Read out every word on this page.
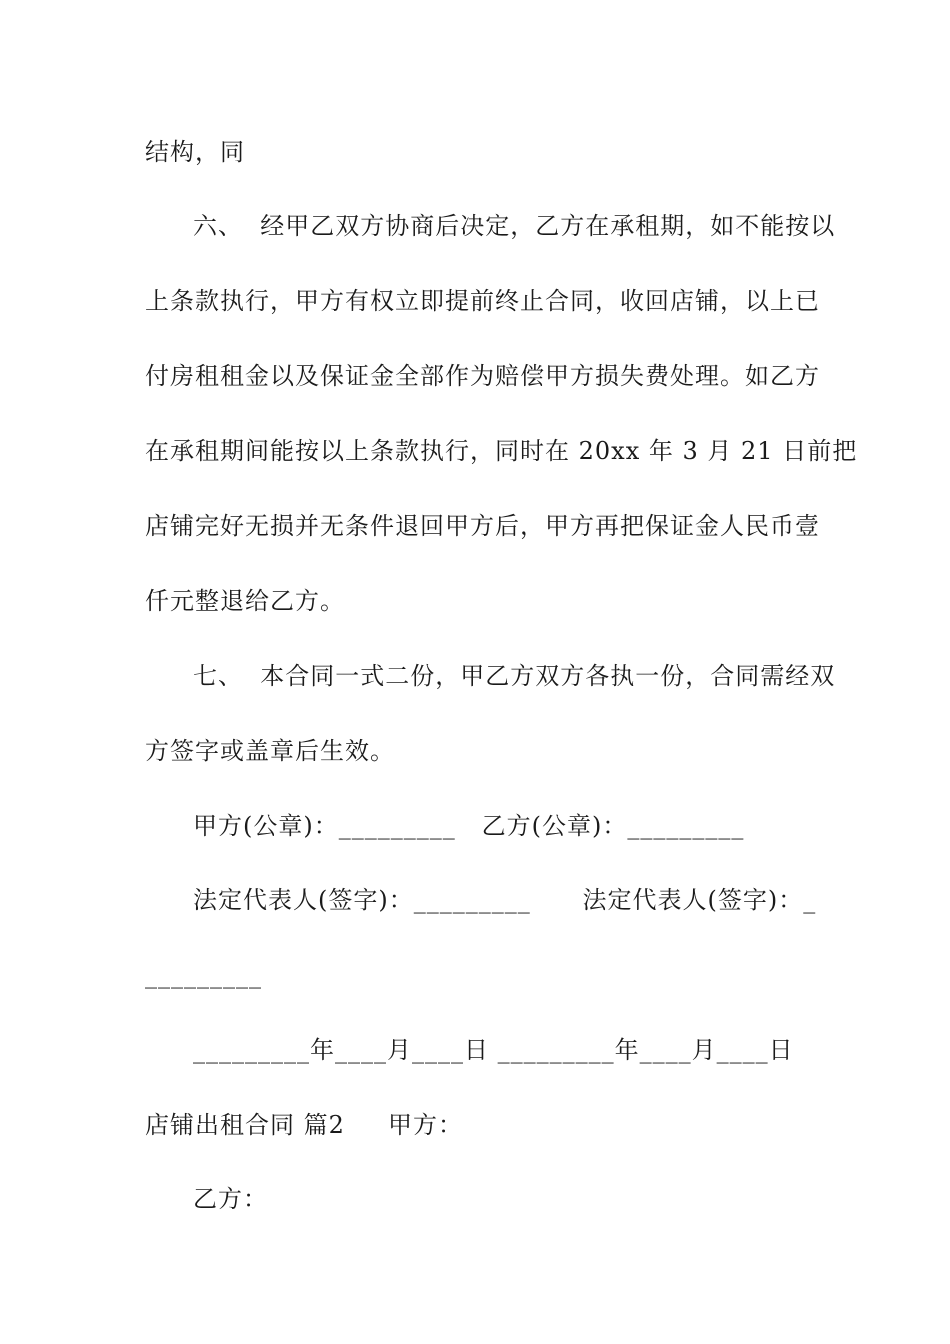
结构，同
六、  经甲乙双方协商后决定，乙方在承租期，如不能按以
上条款执行，甲方有权立即提前终止合同，收回店铺，以上已
付房租租金以及保证金全部作为赔偿甲方损失费处理。如乙方
在承租期间能按以上条款执行，同时在 20xx 年 3 月 21 日前把
店铺完好无损并无条件退回甲方后，甲方再把保证金人民币壹
仟元整退给乙方。
七、  本合同一式二份，甲乙方双方各执一份，合同需经双
方签字或盖章后生效。
甲方(公章)：_________   乙方(公章)：_________
法定代表人(签字)：_________      法定代表人(签字)：_
_________
_________年____月____日 _________年____月____日
店铺出租合同 篇2     甲方：
乙方：
